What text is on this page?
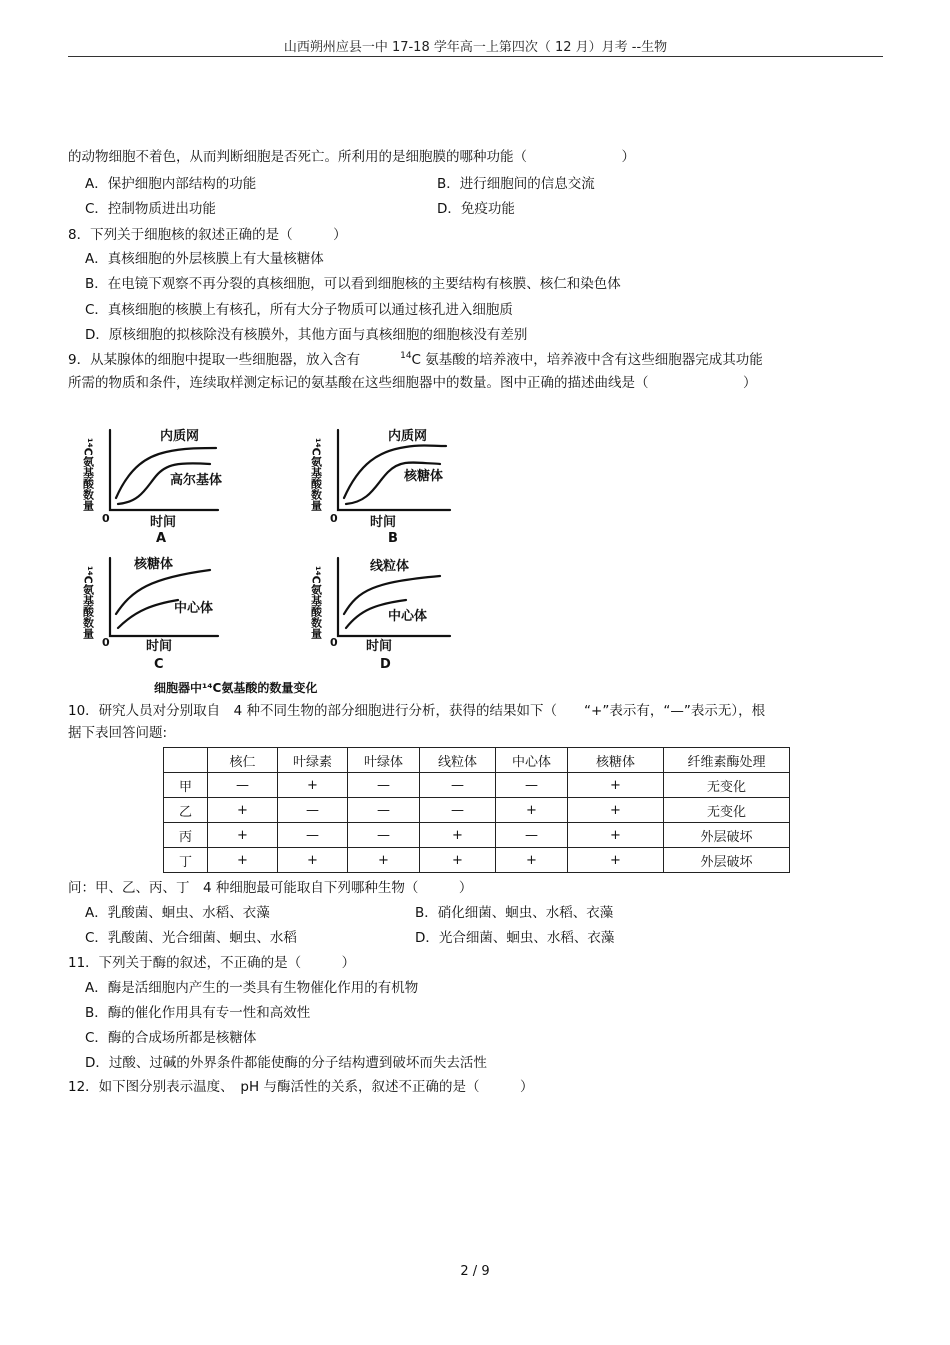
山西朔州应县一中 17-18 学年高一上第四次（ 12 月）月考 --生物
的动物细胞不着色，从而判断细胞是否死亡。所利用的是细胞膜的哪种功能（　　　　　　　）
A．保护细胞内部结构的功能	B．进行细胞间的信息交流
C．控制物质进出功能	D．免疫功能
8．下列关于细胞核的叙述正确的是（　　　）
A．真核细胞的外层核膜上有大量核糖体
B．在电镜下观察不再分裂的真核细胞，可以看到细胞核的主要结构有核膜、核仁和染色体
C．真核细胞的核膜上有核孔，所有大分子物质可以通过核孔进入细胞质
D．原核细胞的拟核除没有核膜外，其他方面与真核细胞的细胞核没有差别
9．从某腺体的细胞中提取一些细胞器，放入含有	$^{14}$C 氨基酸的培养液中，培养液中含有这些细胞器完成其功能
所需的物质和条件，连续取样测定标记的氨基酸在这些细胞器中的数量。图中正确的描述曲线是（　　　　　　　）
¹⁴C氨基酸数量
0
内质网
高尔基体
时间
A
¹⁴C氨基酸数量
0
内质网
核糖体
时间
B
¹⁴C氨基酸数量
0
核糖体
中心体
时间
C
¹⁴C氨基酸数量
0
线粒体
中心体
时间
D
细胞器中¹⁴C氨基酸的数量变化
10．研究人员对分别取自　4 种不同生物的部分细胞进行分析，获得的结果如下（　　“+”表示有，“—”表示无），根
据下表回答问题:
	核仁	叶绿素	叶绿体	线粒体	中心体	核糖体	纤维素酶处理
甲	—	+	—	—	—	+	无变化
乙	+	—	—	—	+	+	无变化
丙	+	—	—	+	—	+	外层破坏
丁	+	+	+	+	+	+	外层破坏
问：甲、乙、丙、丁　4 种细胞最可能取自下列哪种生物（　　　）
A．乳酸菌、蛔虫、水稻、衣藻	B．硝化细菌、蛔虫、水稻、衣藻
C．乳酸菌、光合细菌、蛔虫、水稻	D．光合细菌、蛔虫、水稻、衣藻
11．下列关于酶的叙述，不正确的是（　　　）
A．酶是活细胞内产生的一类具有生物催化作用的有机物
B．酶的催化作用具有专一性和高效性
C．酶的合成场所都是核糖体
D．过酸、过碱的外界条件都能使酶的分子结构遭到破坏而失去活性
12．如下图分别表示温度、　pH 与酶活性的关系，叙述不正确的是（　　　）
2 / 9
